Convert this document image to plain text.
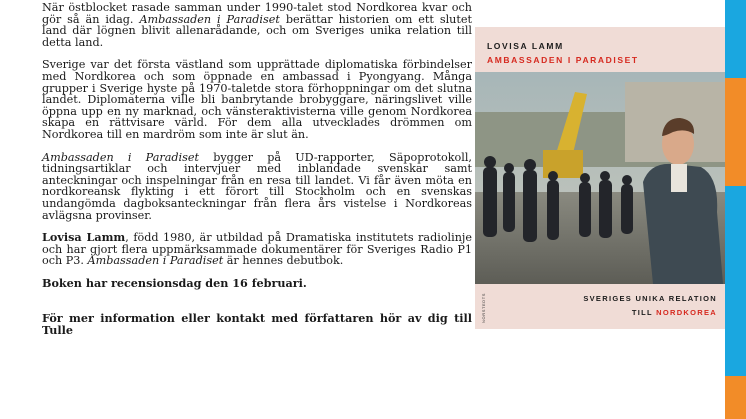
När östblocket rasade samman under 1990-talet stod Nordkorea kvar och gör så än idag. Ambassaden i Paradiset berättar historien om ett slutet land där lögnen blivit allenarådande, och om Sveriges unika relation till detta land.

Sverige var det första västland som upprättade diplomatiska förbindelser med Nordkorea och som öppnade en ambassad i Pyongyang. Många grupper i Sverige hyste på 1970-taletde stora förhoppningar om det slutna landet. Diplomaterna ville bli banbrytande brobyggare, näringslivet ville öppna upp en ny marknad, och vänsteraktivisterna ville genom Nordkorea skapa en rättvisare värld. För dem alla utvecklades drömmen om Nordkorea till en mardröm som inte är slut än.

Ambassaden i Paradiset bygger på UD-rapporter, Säpoprotokoll, tidningsartiklar och intervjuer med inblandade svenskar samt anteckningar och inspelningar från en resa till landet. Vi får även möta en nordkoreansk flykting i ett förort till Stockholm och en svenskas undangömda dagboksanteckningar från flera års vistelse i Nordkoreas avlägsna provinser.

Lovisa Lamm, född 1980, är utbildad på Dramatiska institutets radiolinje och har gjort flera uppmärksammade dokumentärer för Sveriges Radio P1 och P3. Ambassaden i Paradiset är hennes debutbok.

Boken har recensionsdag den 16 februari.

För mer information eller kontakt med författaren hör av dig till Tulle

LOVISA LAMM
AMBASSADEN I PARADISET
SVERIGES UNIKA RELATION
TILL NORDKOREA
NORSTEDTS
